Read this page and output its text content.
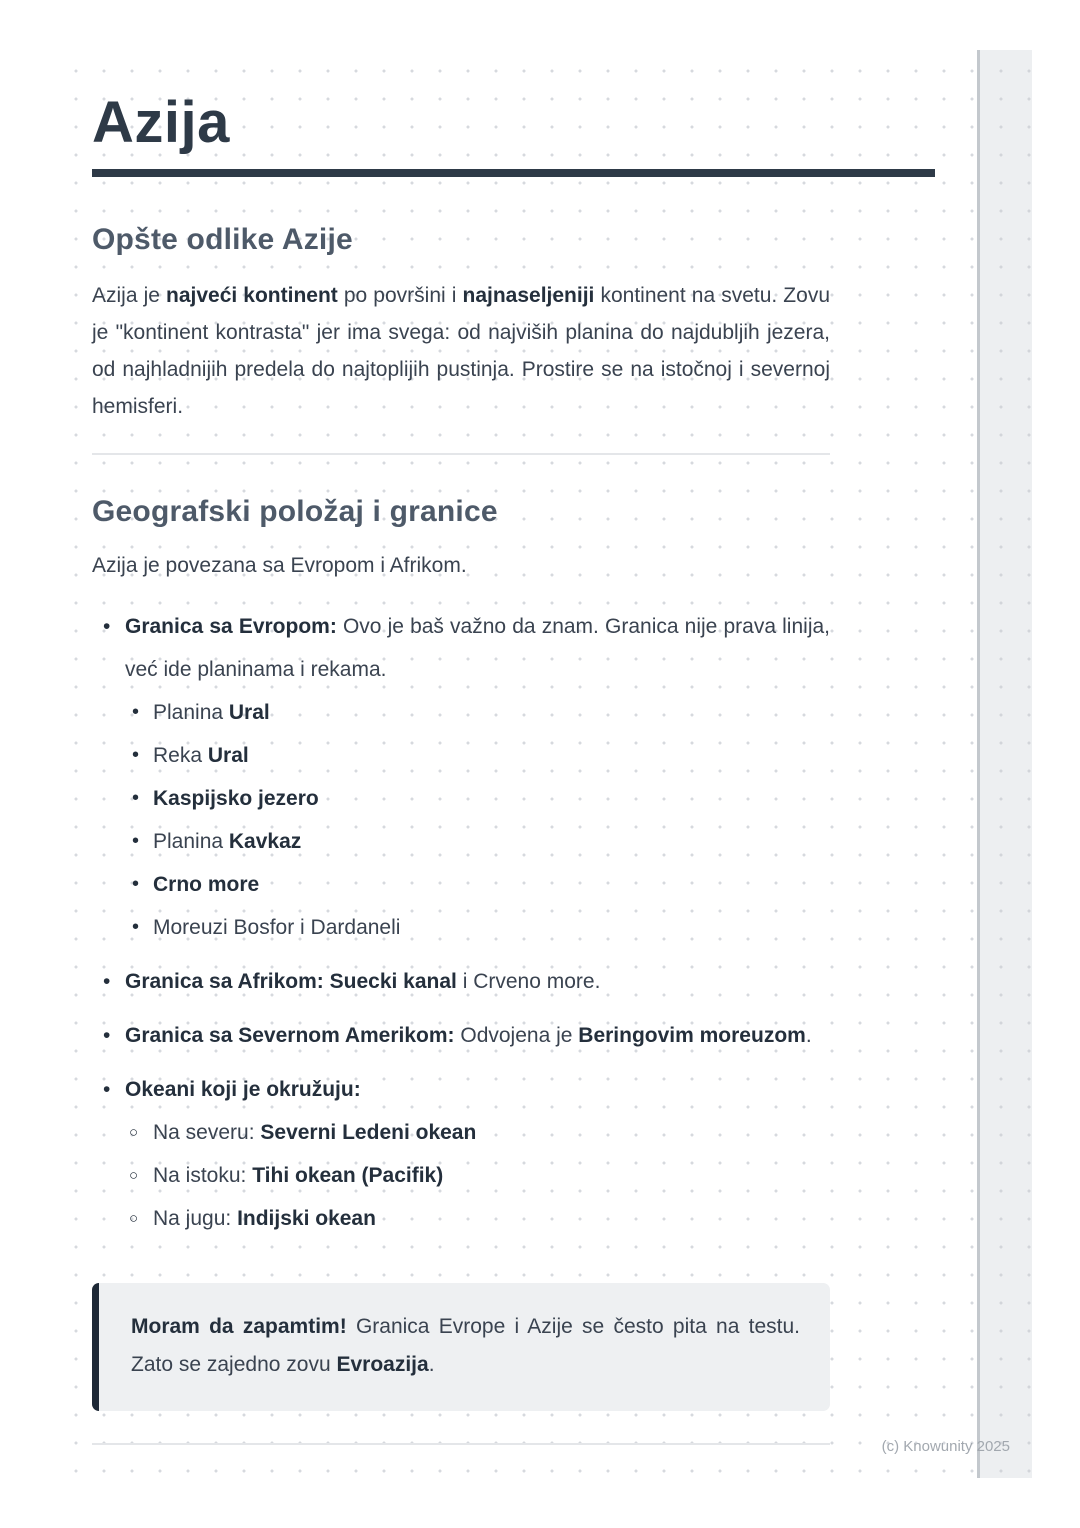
Azija
Opšte odlike Azije

Azija je najveći kontinent po površini i najnaseljeniji kontinent na svetu. Zovu je "kontinent kontrasta" jer ima svega: od najviših planina do najdubljih jezera, od najhladnijih predela do najtoplijih pustinja. Prostire se na istočnoj i severnoj hemisferi.

Geografski položaj i granice

Azija je povezana sa Evropom i Afrikom.

• Granica sa Evropom: Ovo je baš važno da znam. Granica nije prava linija, već ide planinama i rekama.
• Planina Ural
• Reka Ural
• Kaspijsko jezero
• Planina Kavkaz
• Crno more
• Moreuzi Bosfor i Dardaneli
• Granica sa Afrikom: Suecki kanal i Crveno more.
• Granica sa Severnom Amerikom: Odvojena je Beringovim moreuzom.
• Okeani koji je okružuju:
○ Na severu: Severni Ledeni okean
○ Na istoku: Tihi okean (Pacifik)
○ Na jugu: Indijski okean

Moram da zapamtim! Granica Evrope i Azije se često pita na testu. Zato se zajedno zovu Evroazija.

(c) Knowunity 2025
